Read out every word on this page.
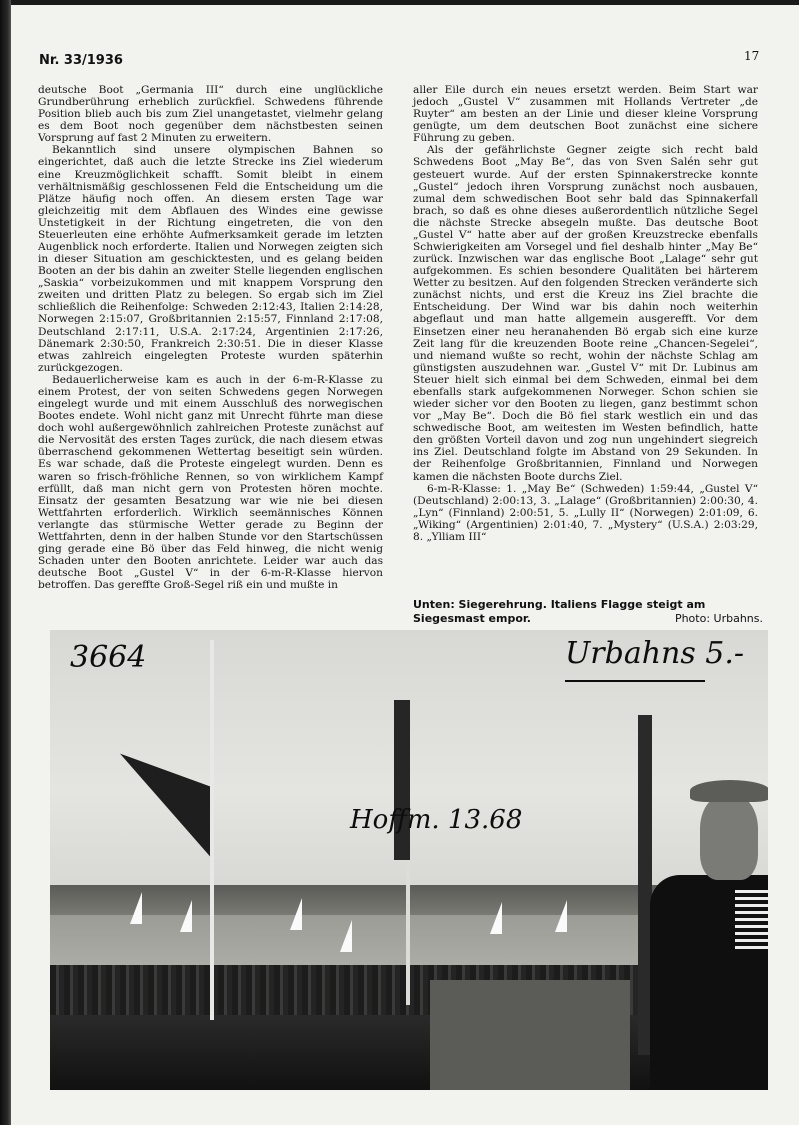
Nr. 33/1936	17

deutsche Boot „Germania III“ durch eine unglückliche Grundberührung erheblich zurückfiel. Schwedens führende Position blieb auch bis zum Ziel unangetastet, vielmehr gelang es dem Boot noch gegenüber dem nächstbesten seinen Vorsprung auf fast 2 Minuten zu erweitern.

Bekanntlich sind unsere olympischen Bahnen so eingerichtet, daß auch die letzte Strecke ins Ziel wiederum eine Kreuzmöglichkeit schafft. Somit bleibt in einem verhältnismäßig geschlossenen Feld die Entscheidung um die Plätze häufig noch offen. An diesem ersten Tage war gleichzeitig mit dem Abflauen des Windes eine gewisse Unstetigkeit in der Richtung eingetreten, die von den Steuerleuten eine erhöhte Aufmerksamkeit gerade im letzten Augenblick noch erforderte. Italien und Norwegen zeigten sich in dieser Situation am geschicktesten, und es gelang beiden Booten an der bis dahin an zweiter Stelle liegenden englischen „Saskia“ vorbeizukommen und mit knappem Vorsprung den zweiten und dritten Platz zu belegen. So ergab sich im Ziel schließlich die Reihenfolge: Schweden 2:12:43, Italien 2:14:28, Norwegen 2:15:07, Großbritannien 2:15:57, Finnland 2:17:08, Deutschland 2:17:11, U.S.A. 2:17:24, Argentinien 2:17:26, Dänemark 2:30:50, Frankreich 2:30:51. Die in dieser Klasse etwas zahlreich eingelegten Proteste wurden späterhin zurückgezogen.

Bedauerlicherweise kam es auch in der 6-m-R-Klasse zu einem Protest, der von seiten Schwedens gegen Norwegen eingelegt wurde und mit einem Ausschluß des norwegischen Bootes endete. Wohl nicht ganz mit Unrecht führte man diese doch wohl außergewöhnlich zahlreichen Proteste zunächst auf die Nervosität des ersten Tages zurück, die nach diesem etwas überraschend gekommenen Wettertag beseitigt sein würden. Es war schade, daß die Proteste eingelegt wurden. Denn es waren so frisch-fröhliche Rennen, so von wirklichem Kampf erfüllt, daß man nicht gern von Protesten hören mochte. Einsatz der gesamten Besatzung war wie nie bei diesen Wettfahrten erforderlich. Wirklich seemännisches Können verlangte das stürmische Wetter gerade zu Beginn der Wettfahrten, denn in der halben Stunde vor den Startschüssen ging gerade eine Bö über das Feld hinweg, die nicht wenig Schaden unter den Booten anrichtete. Leider war auch das deutsche Boot „Gustel V“ in der 6-m-R-Klasse hiervon betroffen. Das gereffte Groß-Segel riß ein und mußte in

aller Eile durch ein neues ersetzt werden. Beim Start war jedoch „Gustel V“ zusammen mit Hollands Vertreter „de Ruyter“ am besten an der Linie und dieser kleine Vorsprung genügte, um dem deutschen Boot zunächst eine sichere Führung zu geben.

Als der gefährlichste Gegner zeigte sich recht bald Schwedens Boot „May Be“, das von Sven Salén sehr gut gesteuert wurde. Auf der ersten Spinnakerstrecke konnte „Gustel“ jedoch ihren Vorsprung zunächst noch ausbauen, zumal dem schwedischen Boot sehr bald das Spinnakerfall brach, so daß es ohne dieses außerordentlich nützliche Segel die nächste Strecke absegeln mußte. Das deutsche Boot „Gustel V“ hatte aber auf der großen Kreuzstrecke ebenfalls Schwierigkeiten am Vorsegel und fiel deshalb hinter „May Be“ zurück. Inzwischen war das englische Boot „Lalage“ sehr gut aufgekommen. Es schien besondere Qualitäten bei härterem Wetter zu besitzen. Auf den folgenden Strecken veränderte sich zunächst nichts, und erst die Kreuz ins Ziel brachte die Entscheidung. Der Wind war bis dahin noch weiterhin abgeflaut und man hatte allgemein ausgerefft. Vor dem Einsetzen einer neu heranahenden Bö ergab sich eine kurze Zeit lang für die kreuzenden Boote reine „Chancen-Segelei“, und niemand wußte so recht, wohin der nächste Schlag am günstigsten auszudehnen war. „Gustel V“ mit Dr. Lubinus am Steuer hielt sich einmal bei dem Schweden, einmal bei dem ebenfalls stark aufgekommenen Norweger. Schon schien sie wieder sicher vor den Booten zu liegen, ganz bestimmt schon vor „May Be“. Doch die Bö fiel stark westlich ein und das schwedische Boot, am weitesten im Westen befindlich, hatte den größten Vorteil davon und zog nun ungehindert siegreich ins Ziel. Deutschland folgte im Abstand von 29 Sekunden. In der Reihenfolge Großbritannien, Finnland und Norwegen kamen die nächsten Boote durchs Ziel.

6-m-R-Klasse: 1. „May Be“ (Schweden) 1:59:44, „Gustel V“ (Deutschland) 2:00:13, 3. „Lalage“ (Großbritannien) 2:00:30, 4. „Lyn“ (Finnland) 2:00:51, 5. „Lully II“ (Norwegen) 2:01:09, 6. „Wiking“ (Argentinien) 2:01:40, 7. „Mystery“ (U.S.A.) 2:03:29, 8. „Ylliam III“

Unten: Siegerehrung. Italiens Flagge steigt am Siegesmast empor.	Photo: Urbahns.
3664	Urbahns 5.-
Hoffm. 13.68
